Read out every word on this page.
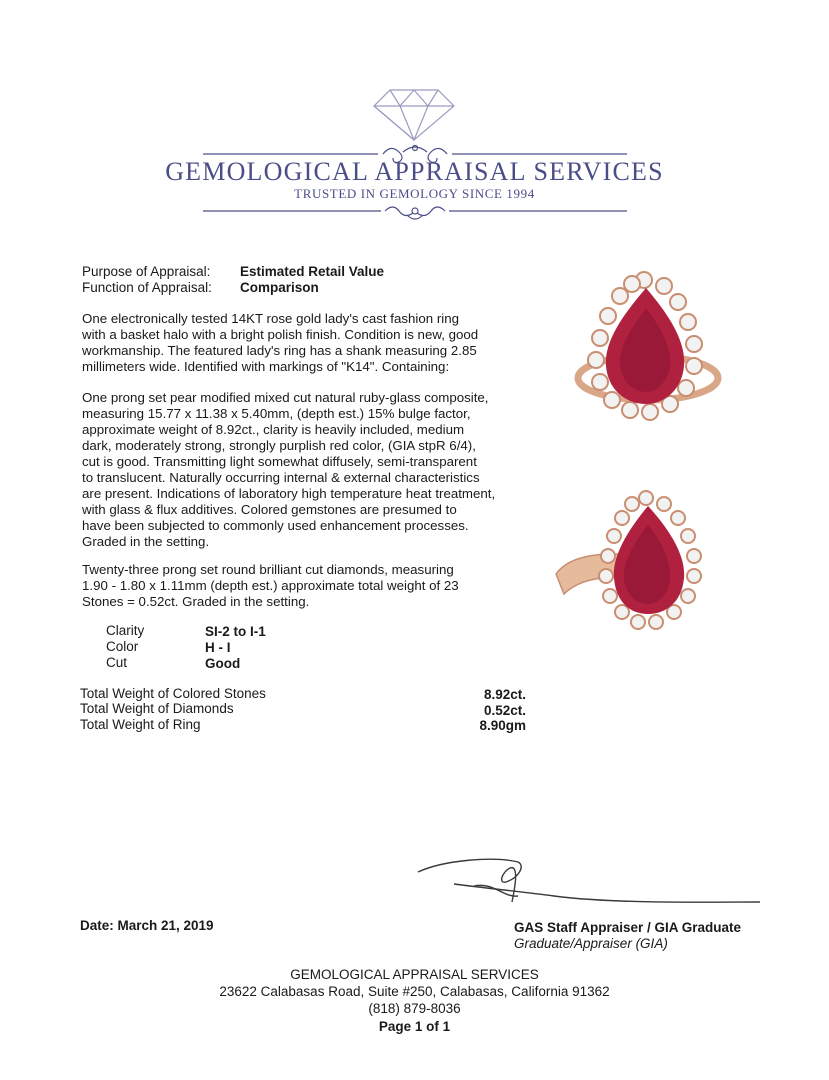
GEMOLOGICAL APPRAISAL SERVICES
TRUSTED IN GEMOLOGY SINCE 1994
Purpose of Appraisal: Estimated Retail Value
Function of Appraisal: Comparison
One electronically tested 14KT rose gold lady's cast fashion ring
with a basket halo with a bright polish finish. Condition is new, good
workmanship. The featured lady's ring has a shank measuring 2.85
millimeters wide. Identified with markings of "K14". Containing:
One prong set pear modified mixed cut natural ruby-glass composite,
measuring 15.77 x 11.38 x 5.40mm, (depth est.) 15% bulge factor,
approximate weight of 8.92ct., clarity is heavily included, medium
dark, moderately strong, strongly purplish red color, (GIA stpR 6/4),
cut is good. Transmitting light somewhat diffusely, semi-transparent
to translucent. Naturally occurring internal & external characteristics
are present. Indications of laboratory high temperature heat treatment,
with glass & flux additives. Colored gemstones are presumed to
have been subjected to commonly used enhancement processes.
Graded in the setting.
Twenty-three prong set round brilliant cut diamonds, measuring
1.90 - 1.80 x 1.11mm (depth est.) approximate total weight of 23
Stones = 0.52ct. Graded in the setting.
Clarity	SI-2 to I-1
Color	H - I
Cut	Good
Total Weight of Colored Stones	8.92ct.
Total Weight of Diamonds	0.52ct.
Total Weight of Ring	8.90gm
Date: March 21, 2019	GAS Staff Appraiser / GIA Graduate
Graduate/Appraiser (GIA)
GEMOLOGICAL APPRAISAL SERVICES
23622 Calabasas Road, Suite #250, Calabasas, California 91362
(818) 879-8036
Page 1 of 1
